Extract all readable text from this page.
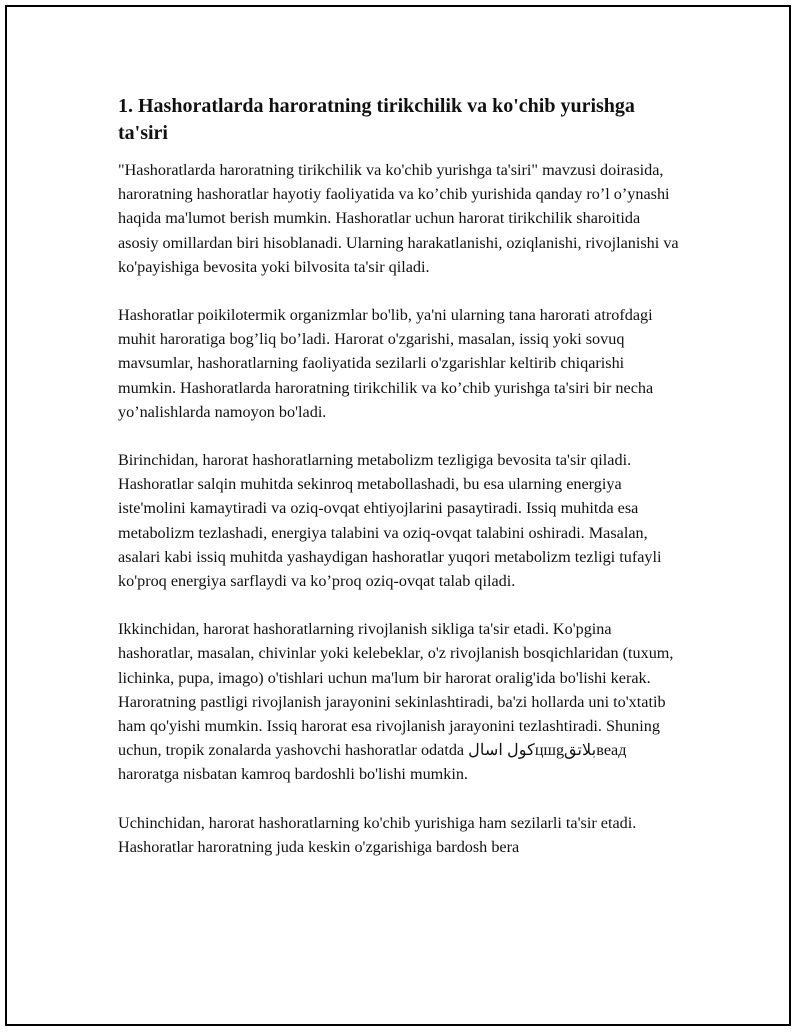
1. Hashoratlarda haroratning tirikchilik va ko'chib yurishga ta'siri

"Hashoratlarda haroratning tirikchilik va ko'chib yurishga ta'siri" mavzusi doirasida, haroratning hashoratlar hayotiy faoliyatida va ko’chib yurishida qanday ro’l o’ynashi haqida ma'lumot berish mumkin. Hashoratlar uchun harorat tirikchilik sharoitida asosiy omillardan biri hisoblanadi. Ularning harakatlanishi, oziqlanishi, rivojlanishi va ko'payishiga bevosita yoki bilvosita ta'sir qiladi.

Hashoratlar poikilotermik organizmlar bo'lib, ya'ni ularning tana harorati atrofdagi muhit haroratiga bog’liq bo’ladi. Harorat o'zgarishi, masalan, issiq yoki sovuq mavsumlar, hashoratlarning faoliyatida sezilarli o'zgarishlar keltirib chiqarishi mumkin. Hashoratlarda haroratning tirikchilik va ko’chib yurishga ta'siri bir necha yo’nalishlarda namoyon bo'ladi.

Birinchidan, harorat hashoratlarning metabolizm tezligiga bevosita ta'sir qiladi. Hashoratlar salqin muhitda sekinroq metabollashadi, bu esa ularning energiya iste'molini kamaytiradi va oziq-ovqat ehtiyojlarini pasaytiradi. Issiq muhitda esa metabolizm tezlashadi, energiya talabini va oziq-ovqat talabini oshiradi. Masalan, asalari kabi issiq muhitda yashaydigan hashoratlar yuqori metabolizm tezligi tufayli ko'proq energiya sarflaydi va ko’proq oziq-ovqat talab qiladi.

Ikkinchidan, harorat hashoratlarning rivojlanish sikliga ta'sir etadi. Ko'pgina hashoratlar, masalan, chivinlar yoki kelebeklar, o'z rivojlanish bosqichlaridan (tuxum, lichinka, pupa, imago) o'tishlari uchun ma'lum bir harorat oralig'ida bo'lishi kerak. Haroratning pastligi rivojlanish jarayonini sekinlashtiradi, ba'zi hollarda uni to'xtatib ham qo'yishi mumkin. Issiq harorat esa rivojlanish jarayonini tezlashtiradi. Shuning uchun, tropik zonalarda yashovchi hashoratlar odatda كول اسالцшgبلاتقвeaд haroratga nisbatan kamroq bardoshli bo'lishi mumkin.

Uchinchidan, harorat hashoratlarning ko'chib yurishiga ham sezilarli ta'sir etadi. Hashoratlar haroratning juda keskin o'zgarishiga bardosh bera
